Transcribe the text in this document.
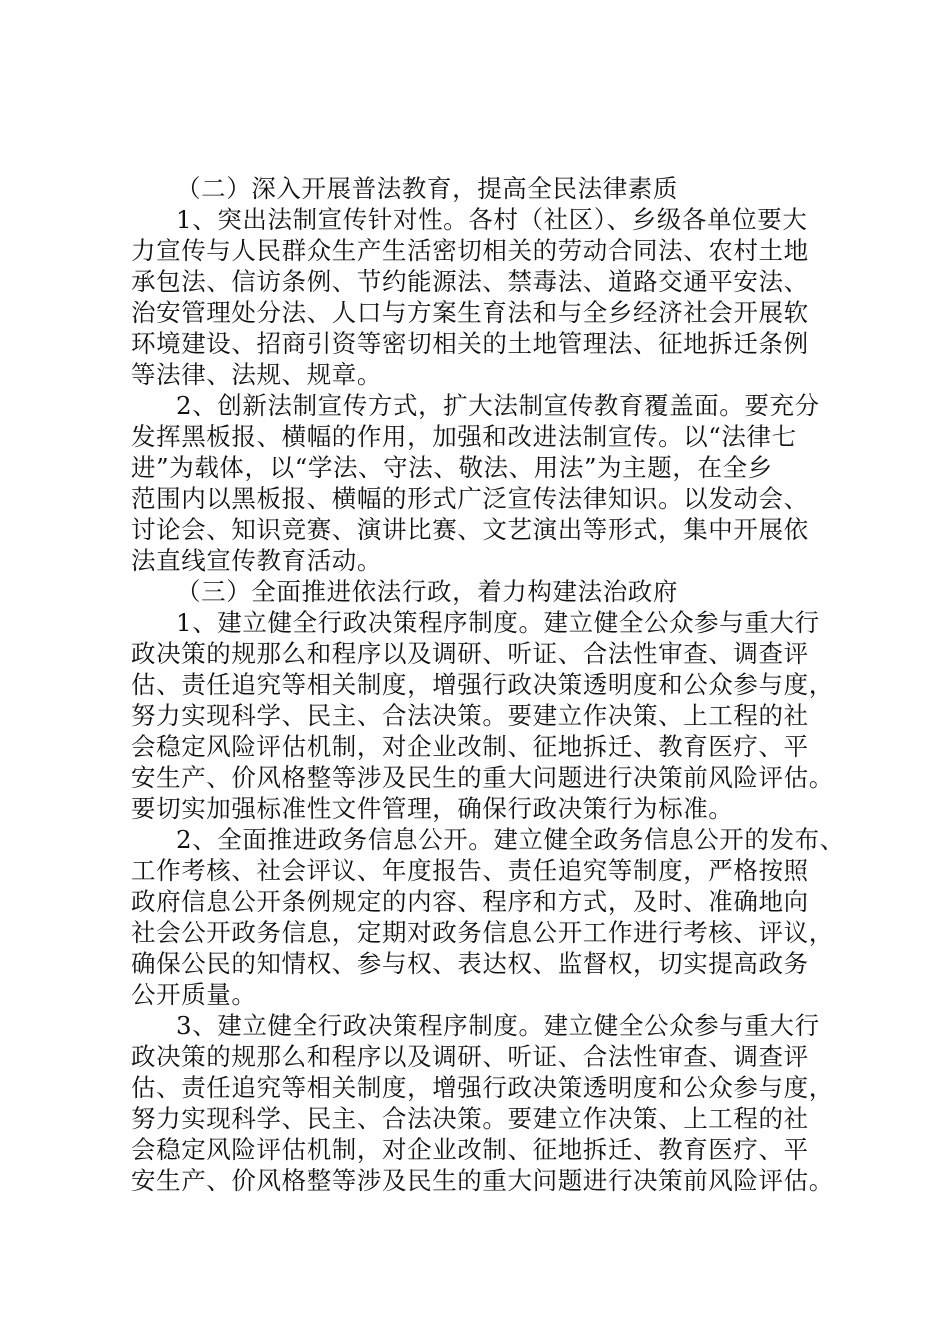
（二）深入开展普法教育，提高全民法律素质
1、突出法制宣传针对性。各村（社区）、乡级各单位要大
力宣传与人民群众生产生活密切相关的劳动合同法、农村土地
承包法、信访条例、节约能源法、禁毒法、道路交通平安法、
治安管理处分法、人口与方案生育法和与全乡经济社会开展软
环境建设、招商引资等密切相关的土地管理法、征地拆迁条例
等法律、法规、规章。
2、创新法制宣传方式，扩大法制宣传教育覆盖面。要充分
发挥黑板报、横幅的作用，加强和改进法制宣传。以“法律七
进”为载体，以“学法、守法、敬法、用法”为主题，在全乡
范围内以黑板报、横幅的形式广泛宣传法律知识。以发动会、
讨论会、知识竞赛、演讲比赛、文艺演出等形式，集中开展依
法直线宣传教育活动。
（三）全面推进依法行政，着力构建法治政府
1、建立健全行政决策程序制度。建立健全公众参与重大行
政决策的规那么和程序以及调研、听证、合法性审查、调查评
估、责任追究等相关制度，增强行政决策透明度和公众参与度，
努力实现科学、民主、合法决策。要建立作决策、上工程的社
会稳定风险评估机制，对企业改制、征地拆迁、教育医疗、平
安生产、价风格整等涉及民生的重大问题进行决策前风险评估。
要切实加强标准性文件管理，确保行政决策行为标准。
2、全面推进政务信息公开。建立健全政务信息公开的发布、
工作考核、社会评议、年度报告、责任追究等制度，严格按照
政府信息公开条例规定的内容、程序和方式，及时、准确地向
社会公开政务信息，定期对政务信息公开工作进行考核、评议，
确保公民的知情权、参与权、表达权、监督权，切实提高政务
公开质量。
3、建立健全行政决策程序制度。建立健全公众参与重大行
政决策的规那么和程序以及调研、听证、合法性审查、调查评
估、责任追究等相关制度，增强行政决策透明度和公众参与度，
努力实现科学、民主、合法决策。要建立作决策、上工程的社
会稳定风险评估机制，对企业改制、征地拆迁、教育医疗、平
安生产、价风格整等涉及民生的重大问题进行决策前风险评估。
